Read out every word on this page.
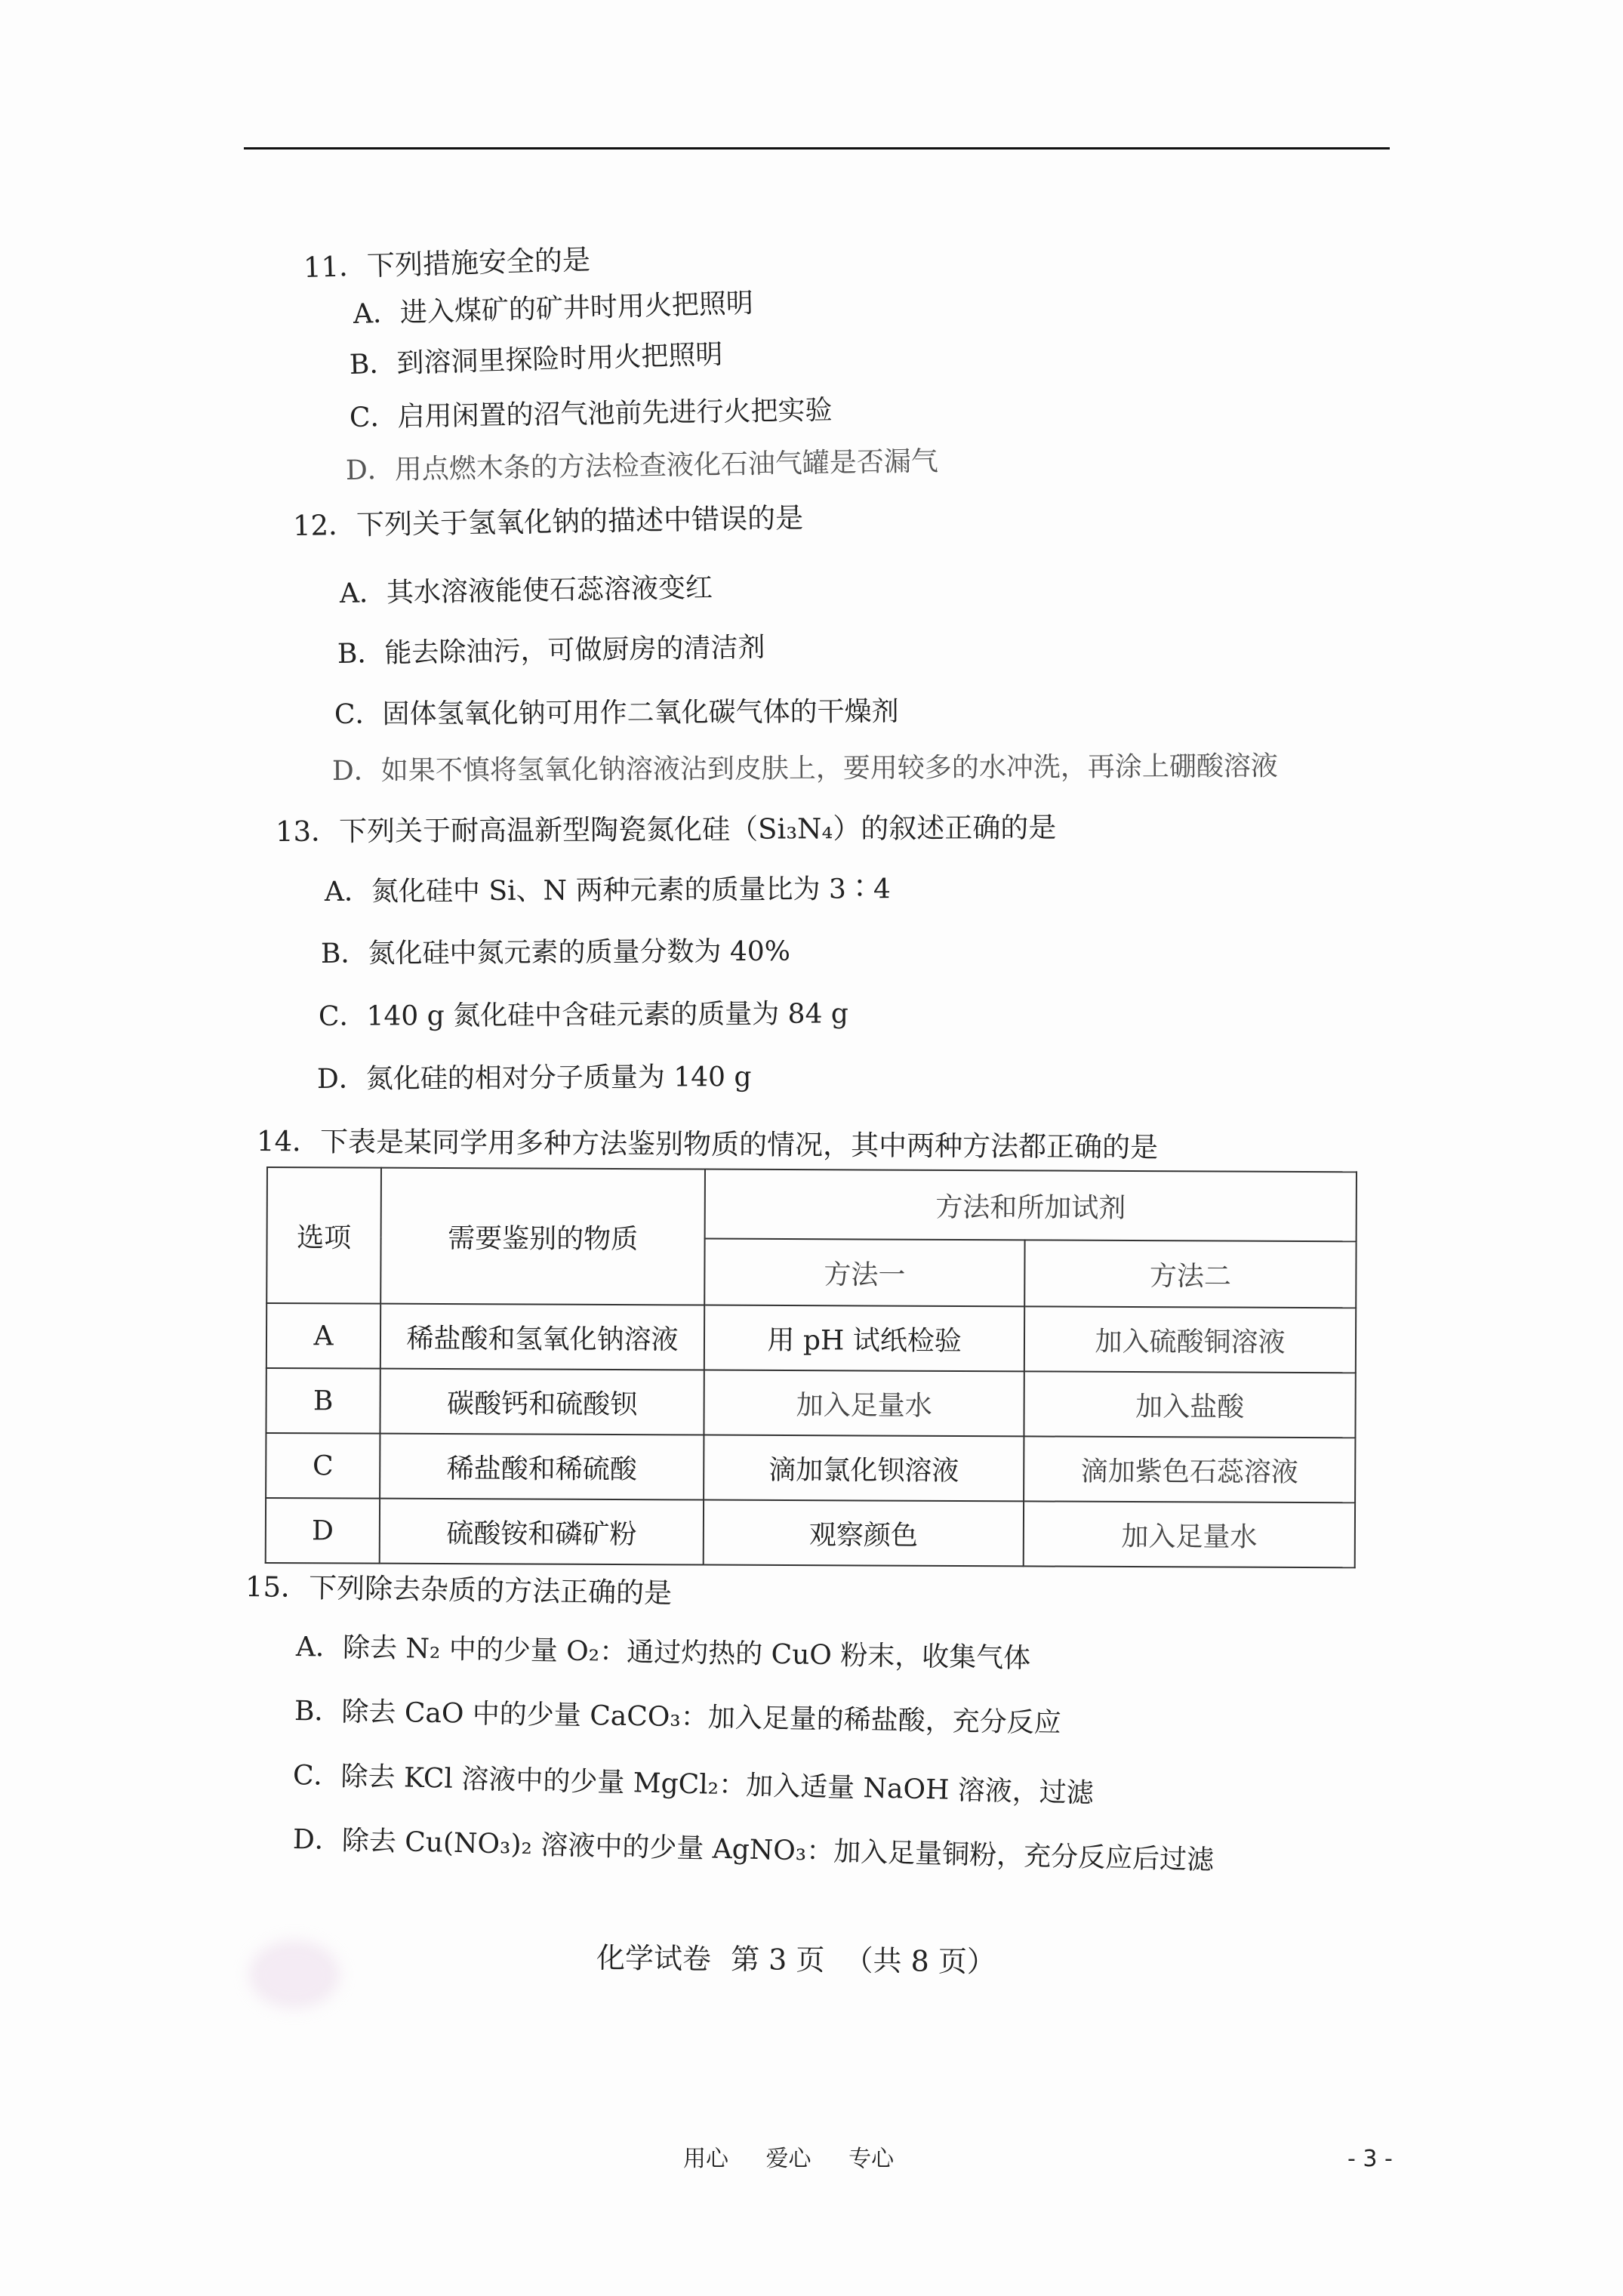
11．下列措施安全的是
A．进入煤矿的矿井时用火把照明
B．到溶洞里探险时用火把照明
C．启用闲置的沼气池前先进行火把实验
D．用点燃木条的方法检查液化石油气罐是否漏气
12．下列关于氢氧化钠的描述中错误的是
A．其水溶液能使石蕊溶液变红
B．能去除油污，可做厨房的清洁剂
C．固体氢氧化钠可用作二氧化碳气体的干燥剂
D．如果不慎将氢氧化钠溶液沾到皮肤上，要用较多的水冲洗，再涂上硼酸溶液
13．下列关于耐高温新型陶瓷氮化硅（Si₃N₄）的叙述正确的是
A．氮化硅中 Si、N 两种元素的质量比为 3∶4
B．氮化硅中氮元素的质量分数为 40%
C．140 g 氮化硅中含硅元素的质量为 84 g
D．氮化硅的相对分子质量为 140 g
14．下表是某同学用多种方法鉴别物质的情况，其中两种方法都正确的是
选项	需要鉴别的物质	方法和所加试剂	
		方法一	方法二
A	稀盐酸和氢氧化钠溶液	用 pH 试纸检验	加入硫酸铜溶液
B	碳酸钙和硫酸钡	加入足量水	加入盐酸
C	稀盐酸和稀硫酸	滴加氯化钡溶液	滴加紫色石蕊溶液
D	硫酸铵和磷矿粉	观察颜色	加入足量水
15．下列除去杂质的方法正确的是
A．除去 N₂ 中的少量 O₂：通过灼热的 CuO 粉末，收集气体
B．除去 CaO 中的少量 CaCO₃：加入足量的稀盐酸，充分反应
C．除去 KCl 溶液中的少量 MgCl₂：加入适量 NaOH 溶液，过滤
D．除去 Cu(NO₃)₂ 溶液中的少量 AgNO₃：加入足量铜粉，充分反应后过滤
化学试卷 第 3 页 （共 8 页）
用心 爱心 专心	- 3 -
